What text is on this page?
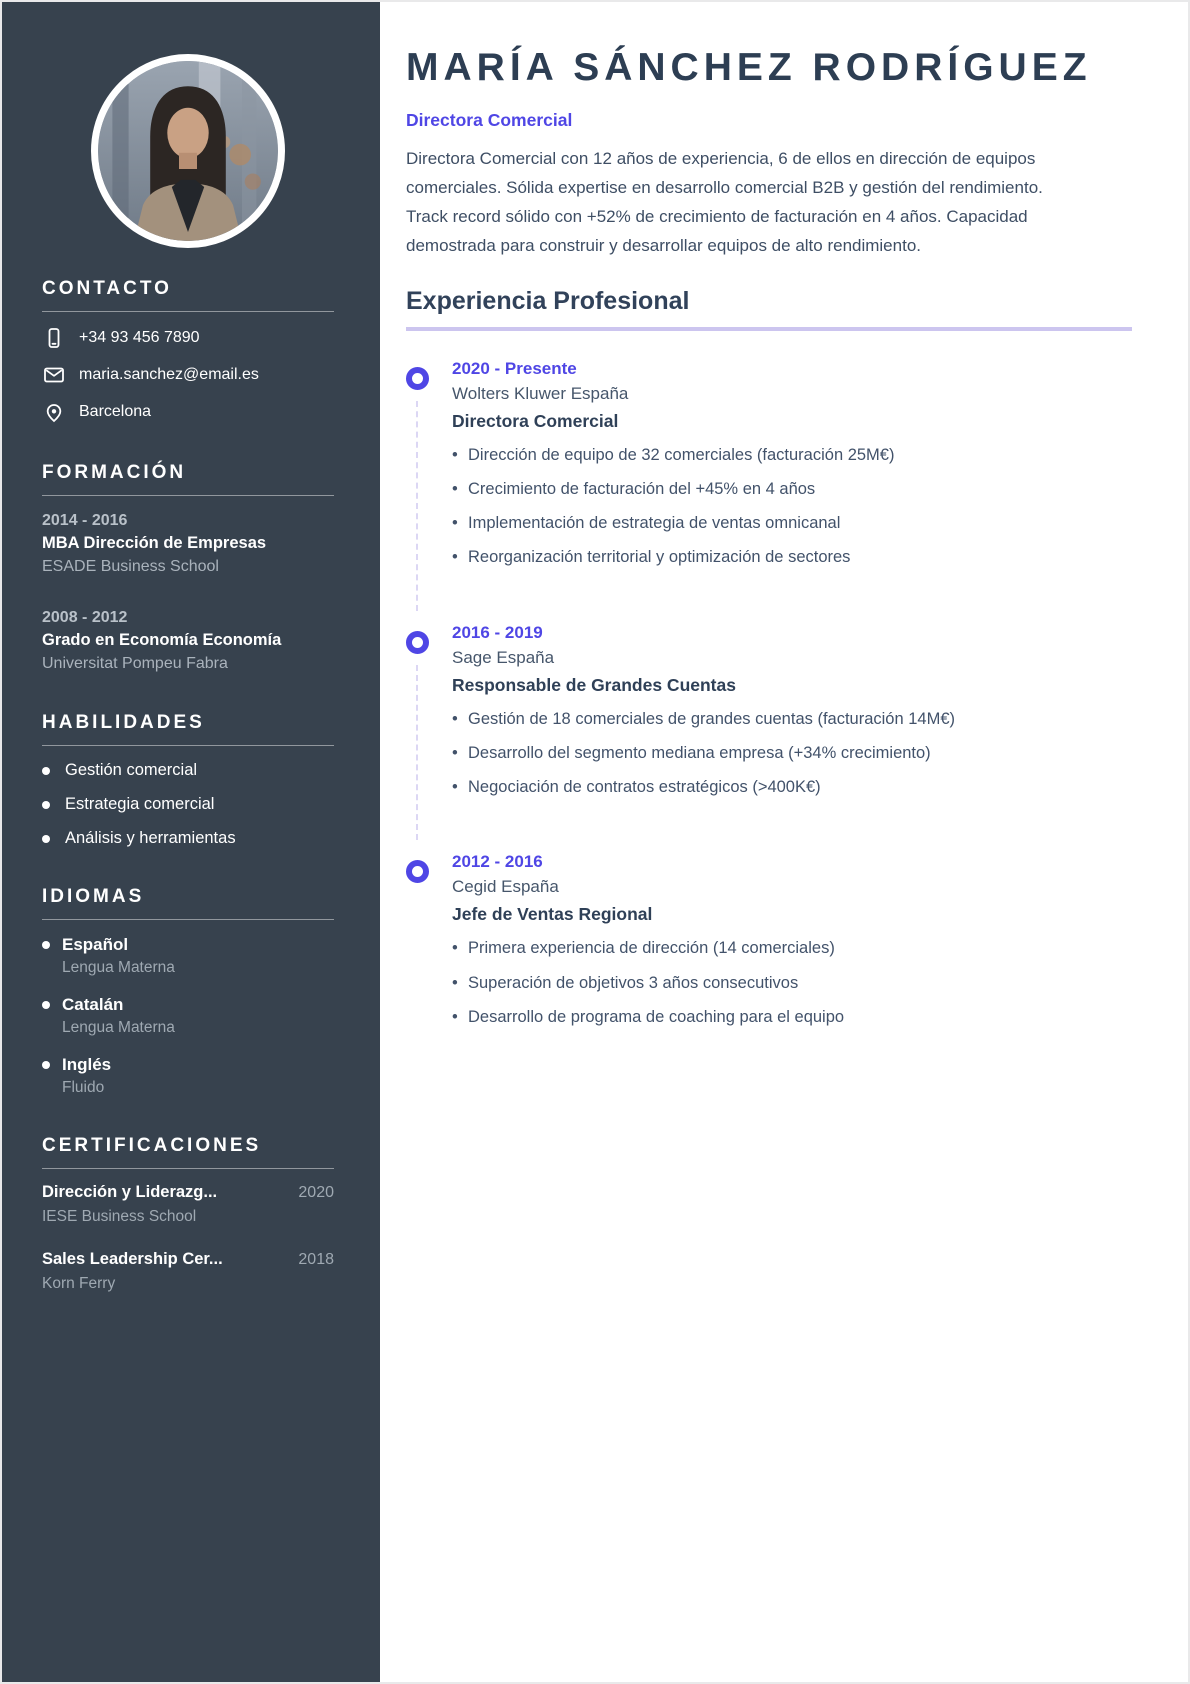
CONTACTO
+34 93 456 7890
maria.sanchez@email.es
Barcelona
FORMACIÓN
2014 - 2016
MBA Dirección de Empresas
ESADE Business School
2008 - 2012
Grado en Economía Economía
Universitat Pompeu Fabra
HABILIDADES
Gestión comercial
Estrategia comercial
Análisis y herramientas
IDIOMAS
Español
Lengua Materna
Catalán
Lengua Materna
Inglés
Fluido
CERTIFICACIONES
Dirección y Liderazg...	2020
IESE Business School
Sales Leadership Cer...	2018
Korn Ferry
MARÍA SÁNCHEZ RODRÍGUEZ
Directora Comercial

Directora Comercial con 12 años de experiencia, 6 de ellos en dirección de equipos comerciales. Sólida expertise en desarrollo comercial B2B y gestión del rendimiento. Track record sólido con +52% de crecimiento de facturación en 4 años. Capacidad demostrada para construir y desarrollar equipos de alto rendimiento.

Experiencia Profesional
2020 - Presente
Wolters Kluwer España
Directora Comercial
• Dirección de equipo de 32 comerciales (facturación 25M€)
• Crecimiento de facturación del +45% en 4 años
• Implementación de estrategia de ventas omnicanal
• Reorganización territorial y optimización de sectores
2016 - 2019
Sage España
Responsable de Grandes Cuentas
• Gestión de 18 comerciales de grandes cuentas (facturación 14M€)
• Desarrollo del segmento mediana empresa (+34% crecimiento)
• Negociación de contratos estratégicos (>400K€)
2012 - 2016
Cegid España
Jefe de Ventas Regional
• Primera experiencia de dirección (14 comerciales)
• Superación de objetivos 3 años consecutivos
• Desarrollo de programa de coaching para el equipo
